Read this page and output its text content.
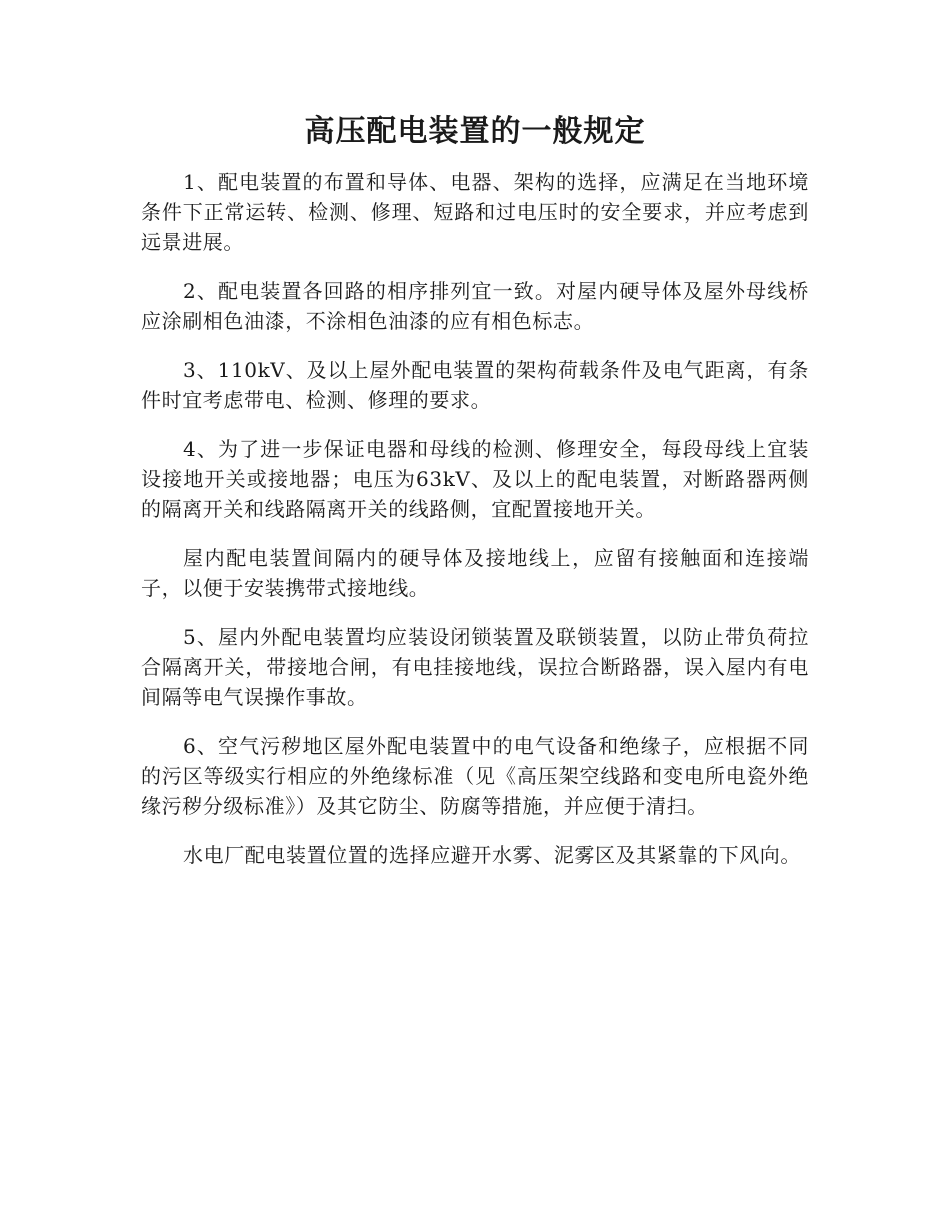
高压配电装置的一般规定

1、配电装置的布置和导体、电器、架构的选择，应满足在当地环境条件下正常运转、检测、修理、短路和过电压时的安全要求，并应考虑到远景进展。

2、配电装置各回路的相序排列宜一致。对屋内硬导体及屋外母线桥应涂刷相色油漆，不涂相色油漆的应有相色标志。

3、110kV、及以上屋外配电装置的架构荷载条件及电气距离，有条件时宜考虑带电、检测、修理的要求。

4、为了进一步保证电器和母线的检测、修理安全，每段母线上宜装设接地开关或接地器；电压为63kV、及以上的配电装置，对断路器两侧的隔离开关和线路隔离开关的线路侧，宜配置接地开关。

屋内配电装置间隔内的硬导体及接地线上，应留有接触面和连接端子，以便于安装携带式接地线。

5、屋内外配电装置均应装设闭锁装置及联锁装置，以防止带负荷拉合隔离开关，带接地合闸，有电挂接地线，误拉合断路器，误入屋内有电间隔等电气误操作事故。

6、空气污秽地区屋外配电装置中的电气设备和绝缘子，应根据不同的污区等级实行相应的外绝缘标准（见《高压架空线路和变电所电瓷外绝缘污秽分级标准》）及其它防尘、防腐等措施，并应便于清扫。

水电厂配电装置位置的选择应避开水雾、泥雾区及其紧靠的下风向。
